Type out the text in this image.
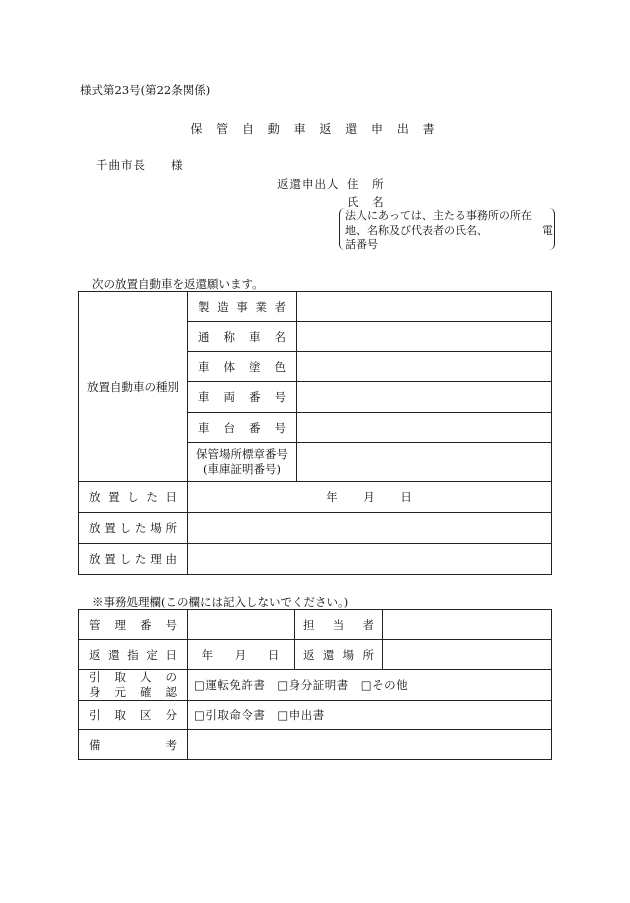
様式第23号(第22条関係)
保 管 自 動 車 返 還 申 出 書
千曲市長　　様
返還申出人 住 所
氏 名
法人にあっては、主たる事務所の所在地、名称及び代表者の氏名、	電

話番号
次の放置自動車を返還願います。
放置自動車の種別	製造事業者	
	通称車名	
	車体塗色	
	車両番号	
	車台番号	

	保管場所標章番号
(車庫証明番号)	

放置した日	年 月 日	
放置した場所		
放置した理由		
※事務処理欄(この欄には記入しないでください。)
管理番号		担当者	
返還指定日	年 月 日	返還場所	

引取人の
身元確認	□運転免許書　□身分証明書　□その他		
引取区分	□引取命令書　□申出書		
備考			
